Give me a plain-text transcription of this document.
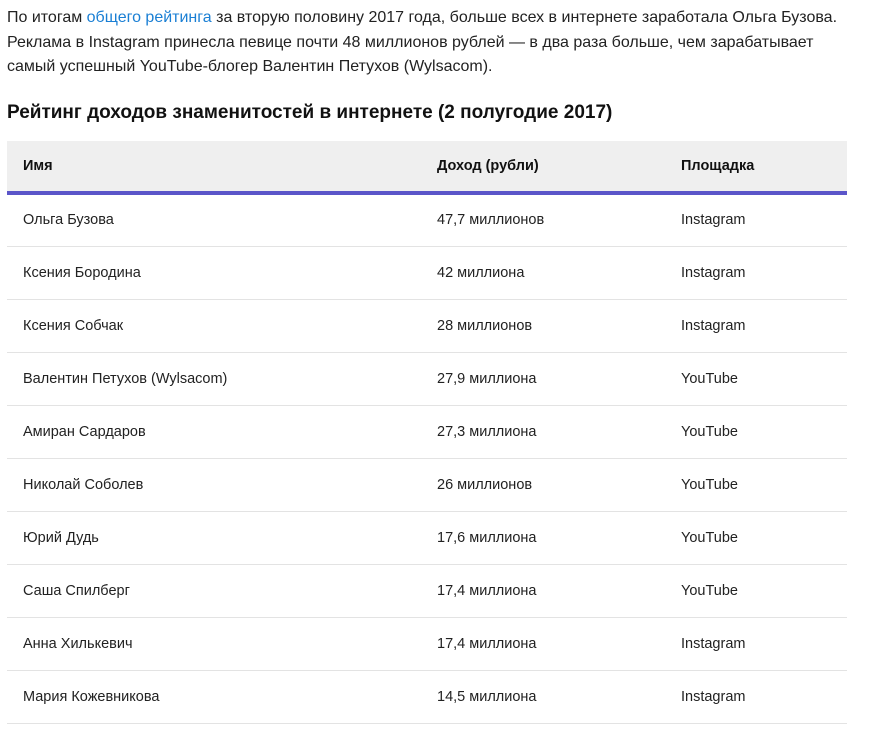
По итогам общего рейтинга за вторую половину 2017 года, больше всех в интернете заработала Ольга Бузова. Реклама в Instagram принесла певице почти 48 миллионов рублей — в два раза больше, чем зарабатывает самый успешный YouTube-блогер Валентин Петухов (Wylsacom).

Рейтинг доходов знаменитостей в интернете (2 полугодие 2017)
Имя	Доход (рубли)	Площадка
Ольга Бузова	47,7 миллионов	Instagram
Ксения Бородина	42 миллиона	Instagram
Ксения Собчак	28 миллионов	Instagram
Валентин Петухов (Wylsacom)	27,9 миллиона	YouTube
Амиран Сардаров	27,3 миллиона	YouTube
Николай Соболев	26 миллионов	YouTube
Юрий Дудь	17,6 миллиона	YouTube
Саша Спилберг	17,4 миллиона	YouTube
Анна Хилькевич	17,4 миллиона	Instagram
Мария Кожевникова	14,5 миллиона	Instagram
